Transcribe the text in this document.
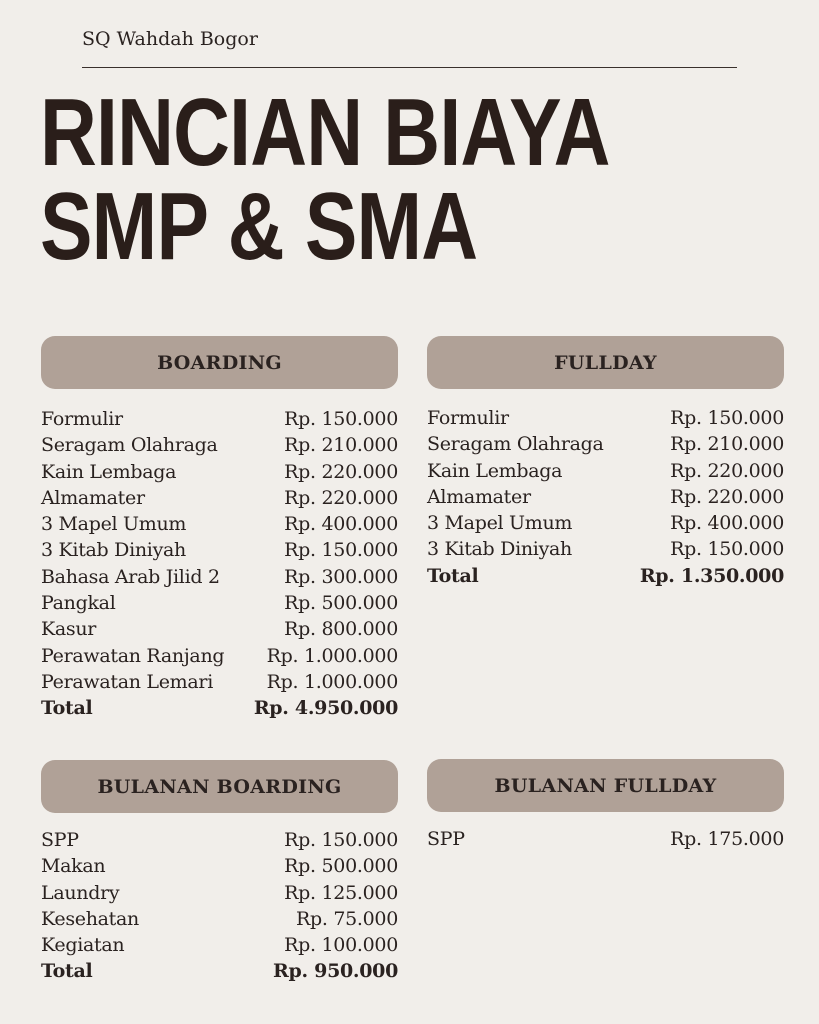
SQ Wahdah Bogor
RINCIAN BIAYA
SMP & SMA
BOARDING
Formulir	Rp. 150.000
Seragam Olahraga	Rp. 210.000
Kain Lembaga	Rp. 220.000
Almamater	Rp. 220.000
3 Mapel Umum	Rp. 400.000
3 Kitab Diniyah	Rp. 150.000
Bahasa Arab Jilid 2	Rp. 300.000
Pangkal	Rp. 500.000
Kasur	Rp. 800.000
Perawatan Ranjang Rp. 1.000.000
Perawatan Lemari	Rp. 1.000.000
Total	Rp. 4.950.000
FULLDAY
Formulir	Rp. 150.000
Seragam Olahraga	Rp. 210.000
Kain Lembaga	Rp. 220.000
Almamater	Rp. 220.000
3 Mapel Umum	Rp. 400.000
3 Kitab Diniyah	Rp. 150.000
Total	Rp. 1.350.000
BULANAN BOARDING
SPP	Rp. 150.000
Makan	Rp. 500.000
Laundry	Rp. 125.000
Kesehatan	Rp. 75.000
Kegiatan	Rp. 100.000
Total	Rp. 950.000
BULANAN FULLDAY
SPP	Rp. 175.000
